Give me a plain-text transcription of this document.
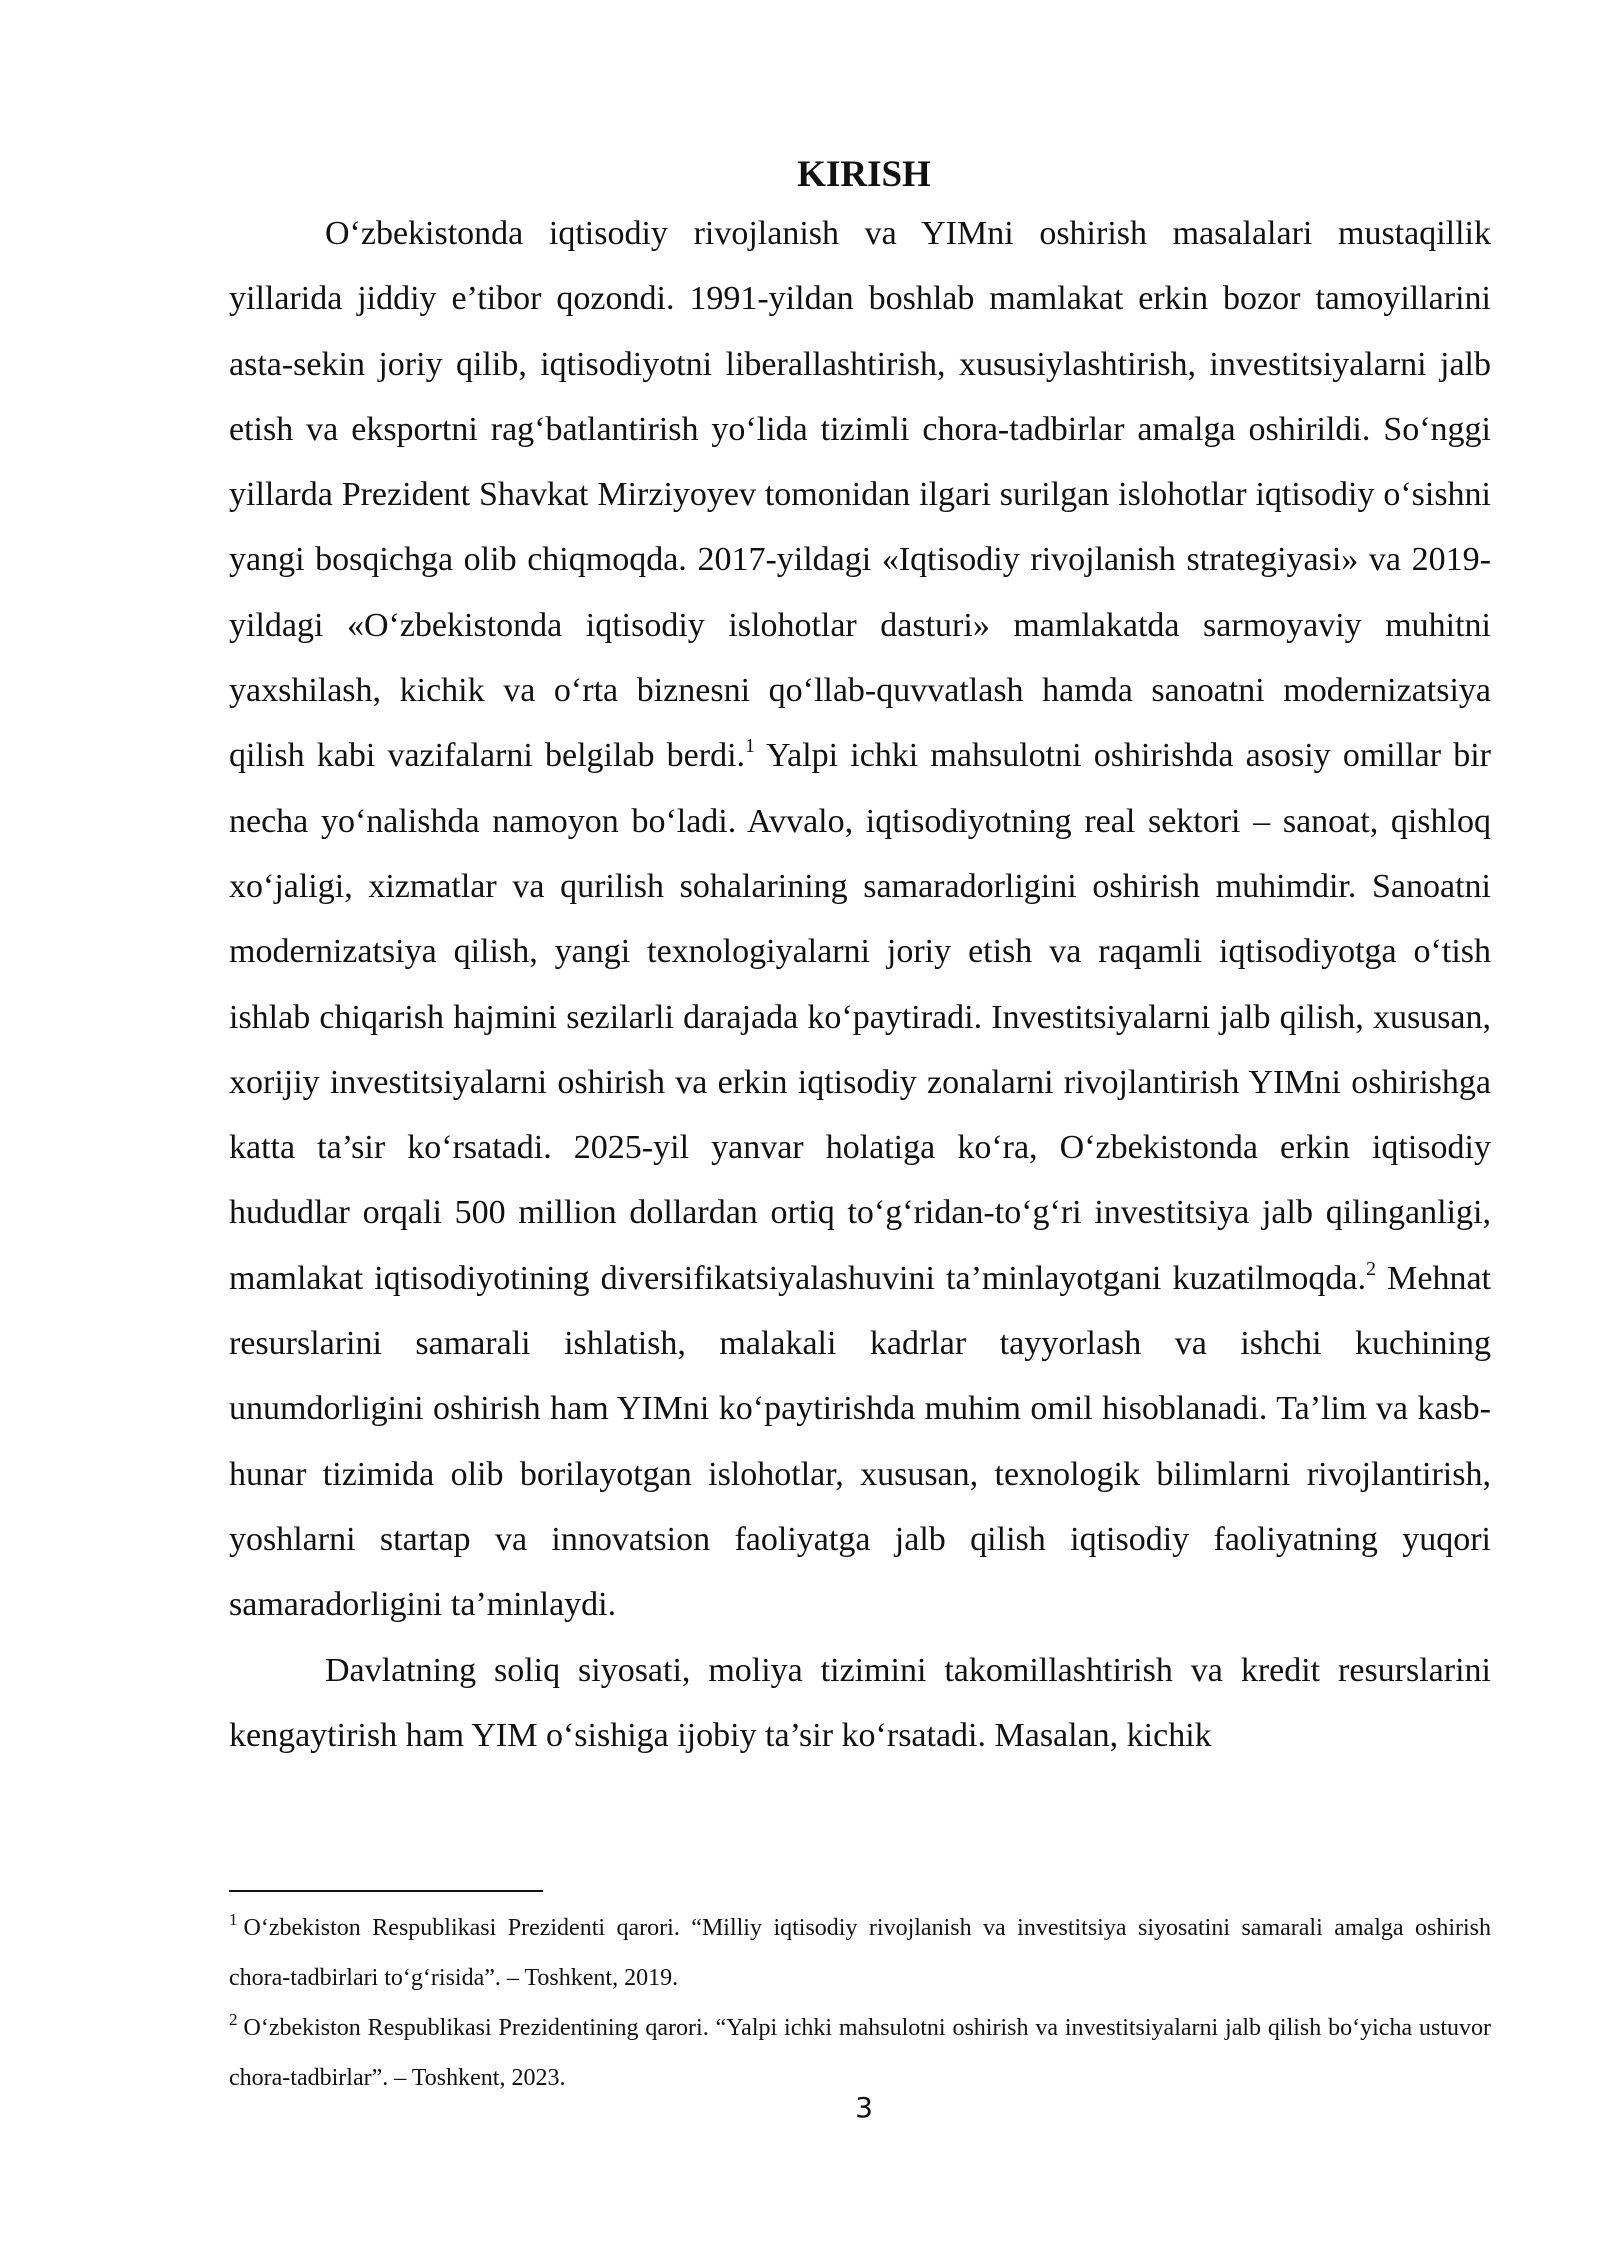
KIRISH

O‘zbekistonda iqtisodiy rivojlanish va YIMni oshirish masalalari mustaqillik yillarida jiddiy e’tibor qozondi. 1991-yildan boshlab mamlakat erkin bozor tamoyillarini asta-sekin joriy qilib, iqtisodiyotni liberallashtirish, xususiylashtirish, investitsiyalarni jalb etish va eksportni rag‘batlantirish yo‘lida tizimli chora-tadbirlar amalga oshirildi. So‘nggi yillarda Prezident Shavkat Mirziyoyev tomonidan ilgari surilgan islohotlar iqtisodiy o‘sishni yangi bosqichga olib chiqmoqda. 2017-yildagi «Iqtisodiy rivojlanish strategiyasi» va 2019-yildagi «O‘zbekistonda iqtisodiy islohotlar dasturi» mamlakatda sarmoyaviy muhitni yaxshilash, kichik va o‘rta biznesni qo‘llab-quvvatlash hamda sanoatni modernizatsiya qilish kabi vazifalarni belgilab berdi.$^1$ Yalpi ichki mahsulotni oshirishda asosiy omillar bir necha yo‘nalishda namoyon bo‘ladi. Avvalo, iqtisodiyotning real sektori – sanoat, qishloq xo‘jaligi, xizmatlar va qurilish sohalarining samaradorligini oshirish muhimdir. Sanoatni modernizatsiya qilish, yangi texnologiyalarni joriy etish va raqamli iqtisodiyotga o‘tish ishlab chiqarish hajmini sezilarli darajada ko‘paytiradi. Investitsiyalarni jalb qilish, xususan, xorijiy investitsiyalarni oshirish va erkin iqtisodiy zonalarni rivojlantirish YIMni oshirishga katta ta’sir ko‘rsatadi. 2025-yil yanvar holatiga ko‘ra, O‘zbekistonda erkin iqtisodiy hududlar orqali 500 million dollardan ortiq to‘g‘ridan-to‘g‘ri investitsiya jalb qilinganligi, mamlakat iqtisodiyotining diversifikatsiyalashuvini ta’minlayotgani kuzatilmoqda.$^2$ Mehnat resurslarini samarali ishlatish, malakali kadrlar tayyorlash va ishchi kuchining unumdorligini oshirish ham YIMni ko‘paytirishda muhim omil hisoblanadi. Ta’lim va kasb-hunar tizimida olib borilayotgan islohotlar, xususan, texnologik bilimlarni rivojlantirish, yoshlarni startap va innovatsion faoliyatga jalb qilish iqtisodiy faoliyatning yuqori samaradorligini ta’minlaydi.

Davlatning soliq siyosati, moliya tizimini takomillashtirish va kredit resurslarini kengaytirish ham YIM o‘sishiga ijobiy ta’sir ko‘rsatadi. Masalan, kichik

$^1$ O‘zbekiston Respublikasi Prezidenti qarori. “Milliy iqtisodiy rivojlanish va investitsiya siyosatini samarali amalga oshirish chora-tadbirlari to‘g‘risida”. – Toshkent, 2019.

$^2$ O‘zbekiston Respublikasi Prezidentining qarori. “Yalpi ichki mahsulotni oshirish va investitsiyalarni jalb qilish bo‘yicha ustuvor chora-tadbirlar”. – Toshkent, 2023.

3
